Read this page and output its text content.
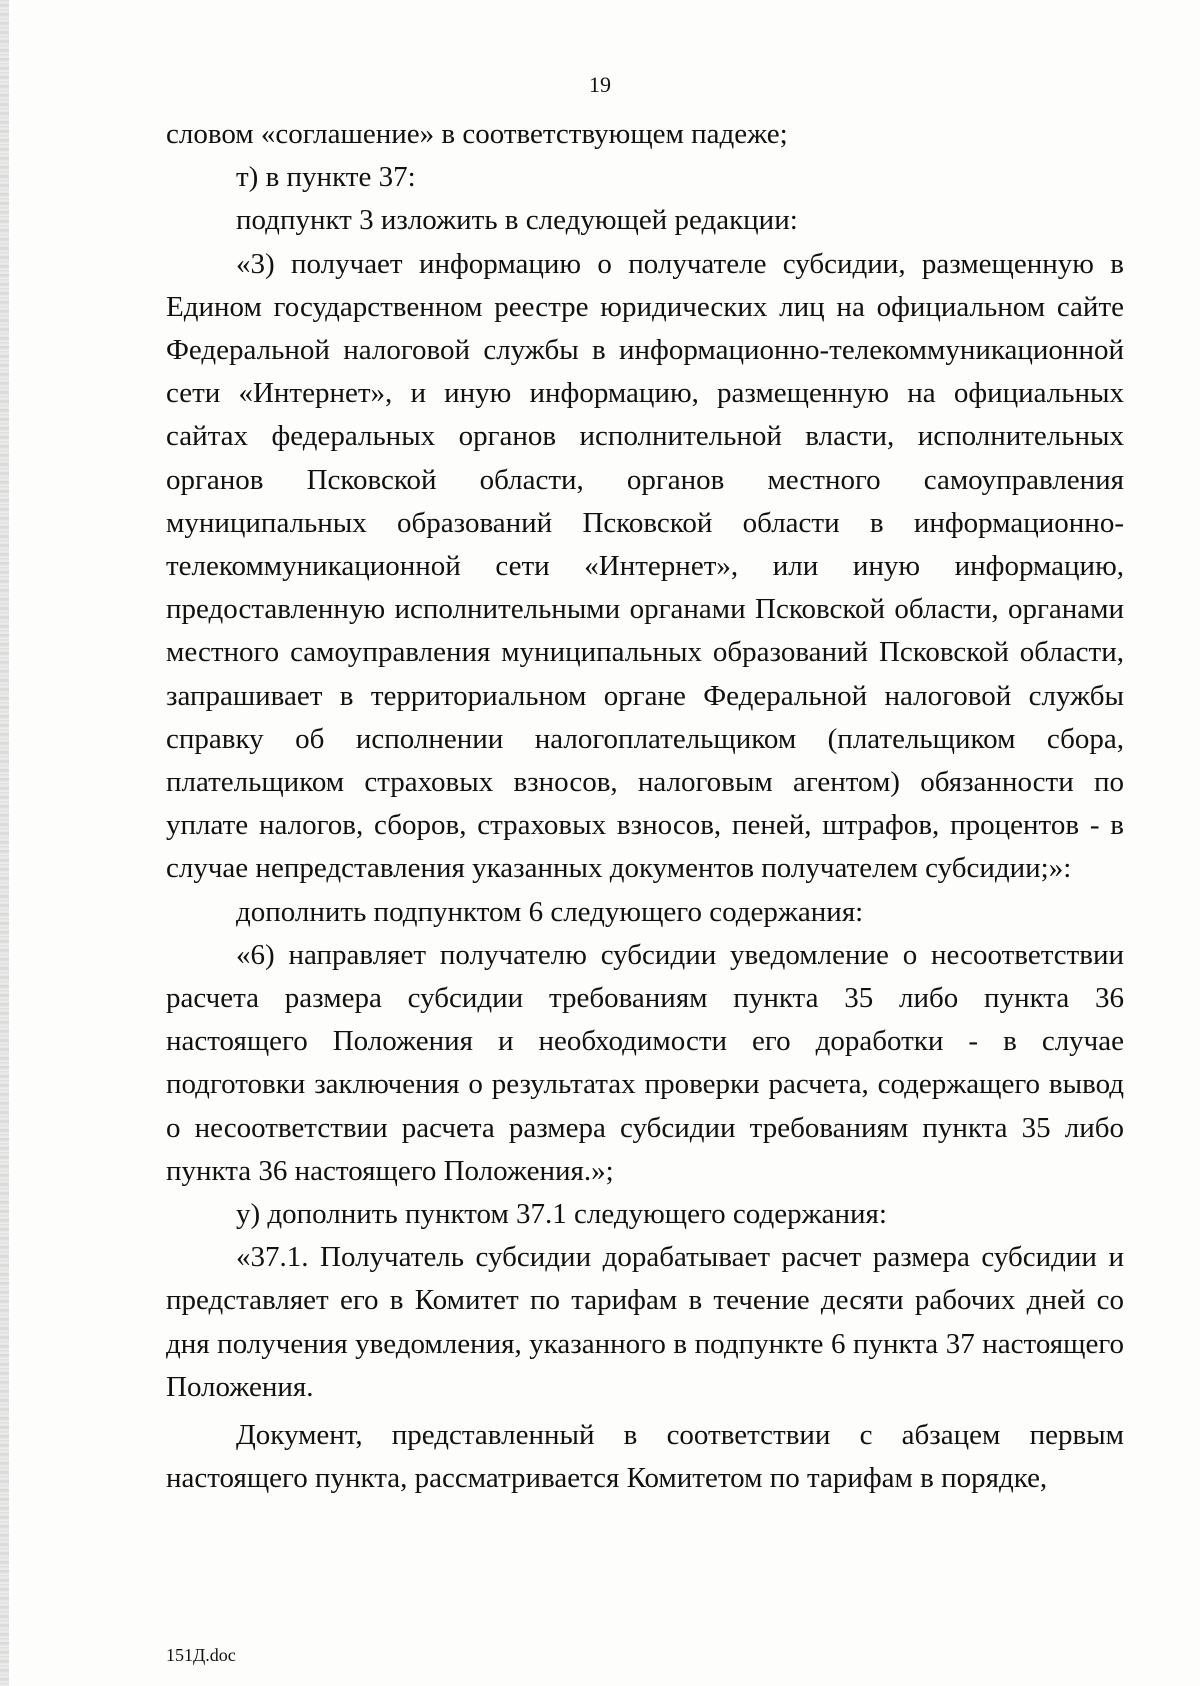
19

словом «соглашение» в соответствующем падеже;

т) в пункте 37:

подпункт 3 изложить в следующей редакции:

«3) получает информацию о получателе субсидии, размещенную в Едином государственном реестре юридических лиц на официальном сайте Федеральной налоговой службы в информационно-телекоммуникационной сети «Интернет», и иную информацию, размещенную на официальных сайтах федеральных органов исполнительной власти, исполнительных органов Псковской области, органов местного самоуправления муниципальных образований Псковской области в информационно-телекоммуникационной сети «Интернет», или иную информацию, предоставленную исполнительными органами Псковской области, органами местного самоуправления муниципальных образований Псковской области, запрашивает в территориальном органе Федеральной налоговой службы справку об исполнении налогоплательщиком (плательщиком сбора, плательщиком страховых взносов, налоговым агентом) обязанности по уплате налогов, сборов, страховых взносов, пеней, штрафов, процентов - в случае непредставления указанных документов получателем субсидии;»:

дополнить подпунктом 6 следующего содержания:

«6) направляет получателю субсидии уведомление о несоответствии расчета размера субсидии требованиям пункта 35 либо пункта 36 настоящего Положения и необходимости его доработки - в случае подготовки заключения о результатах проверки расчета, содержащего вывод о несоответствии расчета размера субсидии требованиям пункта 35 либо пункта 36 настоящего Положения.»;

у) дополнить пунктом 37.1 следующего содержания:

«37.1. Получатель субсидии дорабатывает расчет размера субсидии и представляет его в Комитет по тарифам в течение десяти рабочих дней со дня получения уведомления, указанного в подпункте 6 пункта 37 настоящего Положения.

Документ, представленный в соответствии с абзацем первым настоящего пункта, рассматривается Комитетом по тарифам в порядке,

151Д.doc
